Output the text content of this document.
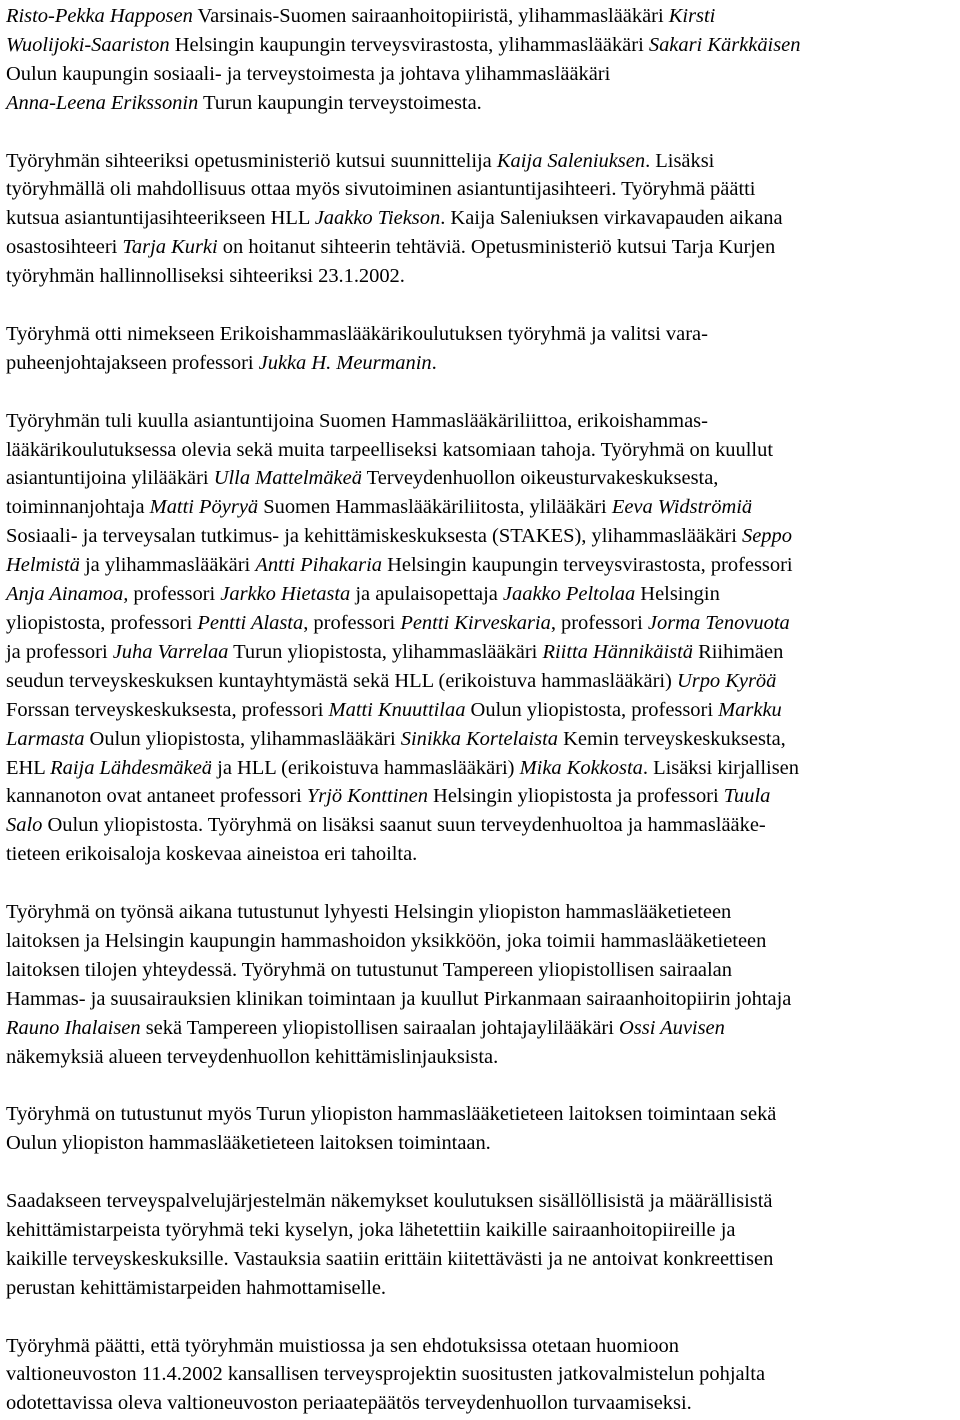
Risto-Pekka Happosen Varsinais-Suomen sairaanhoitopiiristä, ylihammaslääkäri Kirsti
Wuolijoki-Saariston Helsingin kaupungin terveysvirastosta, ylihammaslääkäri Sakari Kärkkäisen
Oulun kaupungin sosiaali- ja terveystoimesta ja johtava ylihammaslääkäri
Anna-Leena Erikssonin Turun kaupungin terveystoimesta.

Työryhmän sihteeriksi opetusministeriö kutsui suunnittelija Kaija Saleniuksen. Lisäksi
työryhmällä oli mahdollisuus ottaa myös sivutoiminen asiantuntijasihteeri. Työryhmä päätti
kutsua asiantuntijasihteerikseen HLL Jaakko Tiekson. Kaija Saleniuksen virkavapauden aikana
osastosihteeri Tarja Kurki on hoitanut sihteerin tehtäviä. Opetusministeriö kutsui Tarja Kurjen
työryhmän hallinnolliseksi sihteeriksi 23.1.2002.

Työryhmä otti nimekseen Erikoishammaslääkärikoulutuksen työryhmä ja valitsi vara-
puheenjohtajakseen professori Jukka H. Meurmanin.

Työryhmän tuli kuulla asiantuntijoina Suomen Hammaslääkäriliittoa, erikoishammas-
lääkärikoulutuksessa olevia sekä muita tarpeelliseksi katsomiaan tahoja. Työryhmä on kuullut
asiantuntijoina ylilääkäri Ulla Mattelmäkeä Terveydenhuollon oikeusturvakeskuksesta,
toiminnanjohtaja Matti Pöyryä Suomen Hammaslääkäriliitosta, ylilääkäri Eeva Widströmiä
Sosiaali- ja terveysalan tutkimus- ja kehittämiskeskuksesta (STAKES), ylihammaslääkäri Seppo
Helmistä ja ylihammaslääkäri Antti Pihakaria Helsingin kaupungin terveysvirastosta, professori
Anja Ainamoa, professori Jarkko Hietasta ja apulaisopettaja Jaakko Peltolaa Helsingin
yliopistosta, professori Pentti Alasta, professori Pentti Kirveskaria, professori Jorma Tenovuota
ja professori Juha Varrelaa Turun yliopistosta, ylihammaslääkäri Riitta Hännikäistä Riihimäen
seudun terveyskeskuksen kuntayhtymästä sekä HLL (erikoistuva hammaslääkäri) Urpo Kyröä
Forssan terveyskeskuksesta, professori Matti Knuuttilaa Oulun yliopistosta, professori Markku
Larmasta Oulun yliopistosta, ylihammaslääkäri Sinikka Kortelaista Kemin terveyskeskuksesta,
EHL Raija Lähdesmäkeä ja HLL (erikoistuva hammaslääkäri) Mika Kokkosta. Lisäksi kirjallisen
kannanoton ovat antaneet professori Yrjö Konttinen Helsingin yliopistosta ja professori Tuula
Salo Oulun yliopistosta. Työryhmä on lisäksi saanut suun terveydenhuoltoa ja hammaslääke-
tieteen erikoisaloja koskevaa aineistoa eri tahoilta.

Työryhmä on työnsä aikana tutustunut lyhyesti Helsingin yliopiston hammaslääketieteen
laitoksen ja Helsingin kaupungin hammashoidon yksikköön, joka toimii hammaslääketieteen
laitoksen tilojen yhteydessä. Työryhmä on tutustunut Tampereen yliopistollisen sairaalan
Hammas- ja suusairauksien klinikan toimintaan ja kuullut Pirkanmaan sairaanhoitopiirin johtaja
Rauno Ihalaisen sekä Tampereen yliopistollisen sairaalan johtajaylilääkäri Ossi Auvisen
näkemyksiä alueen terveydenhuollon kehittämislinjauksista.

Työryhmä on tutustunut myös Turun yliopiston hammaslääketieteen laitoksen toimintaan sekä
Oulun yliopiston hammaslääketieteen laitoksen toimintaan.

Saadakseen terveyspalvelujärjestelmän näkemykset koulutuksen sisällöllisistä ja määrällisistä
kehittämistarpeista työryhmä teki kyselyn, joka lähetettiin kaikille sairaanhoitopiireille ja
kaikille terveyskeskuksille. Vastauksia saatiin erittäin kiitettävästi ja ne antoivat konkreettisen
perustan kehittämistarpeiden hahmottamiselle.

Työryhmä päätti, että työryhmän muistiossa ja sen ehdotuksissa otetaan huomioon
valtioneuvoston 11.4.2002 kansallisen terveysprojektin suositusten jatkovalmistelun pohjalta
odotettavissa oleva valtioneuvoston periaatepäätös terveydenhuollon turvaamiseksi.
